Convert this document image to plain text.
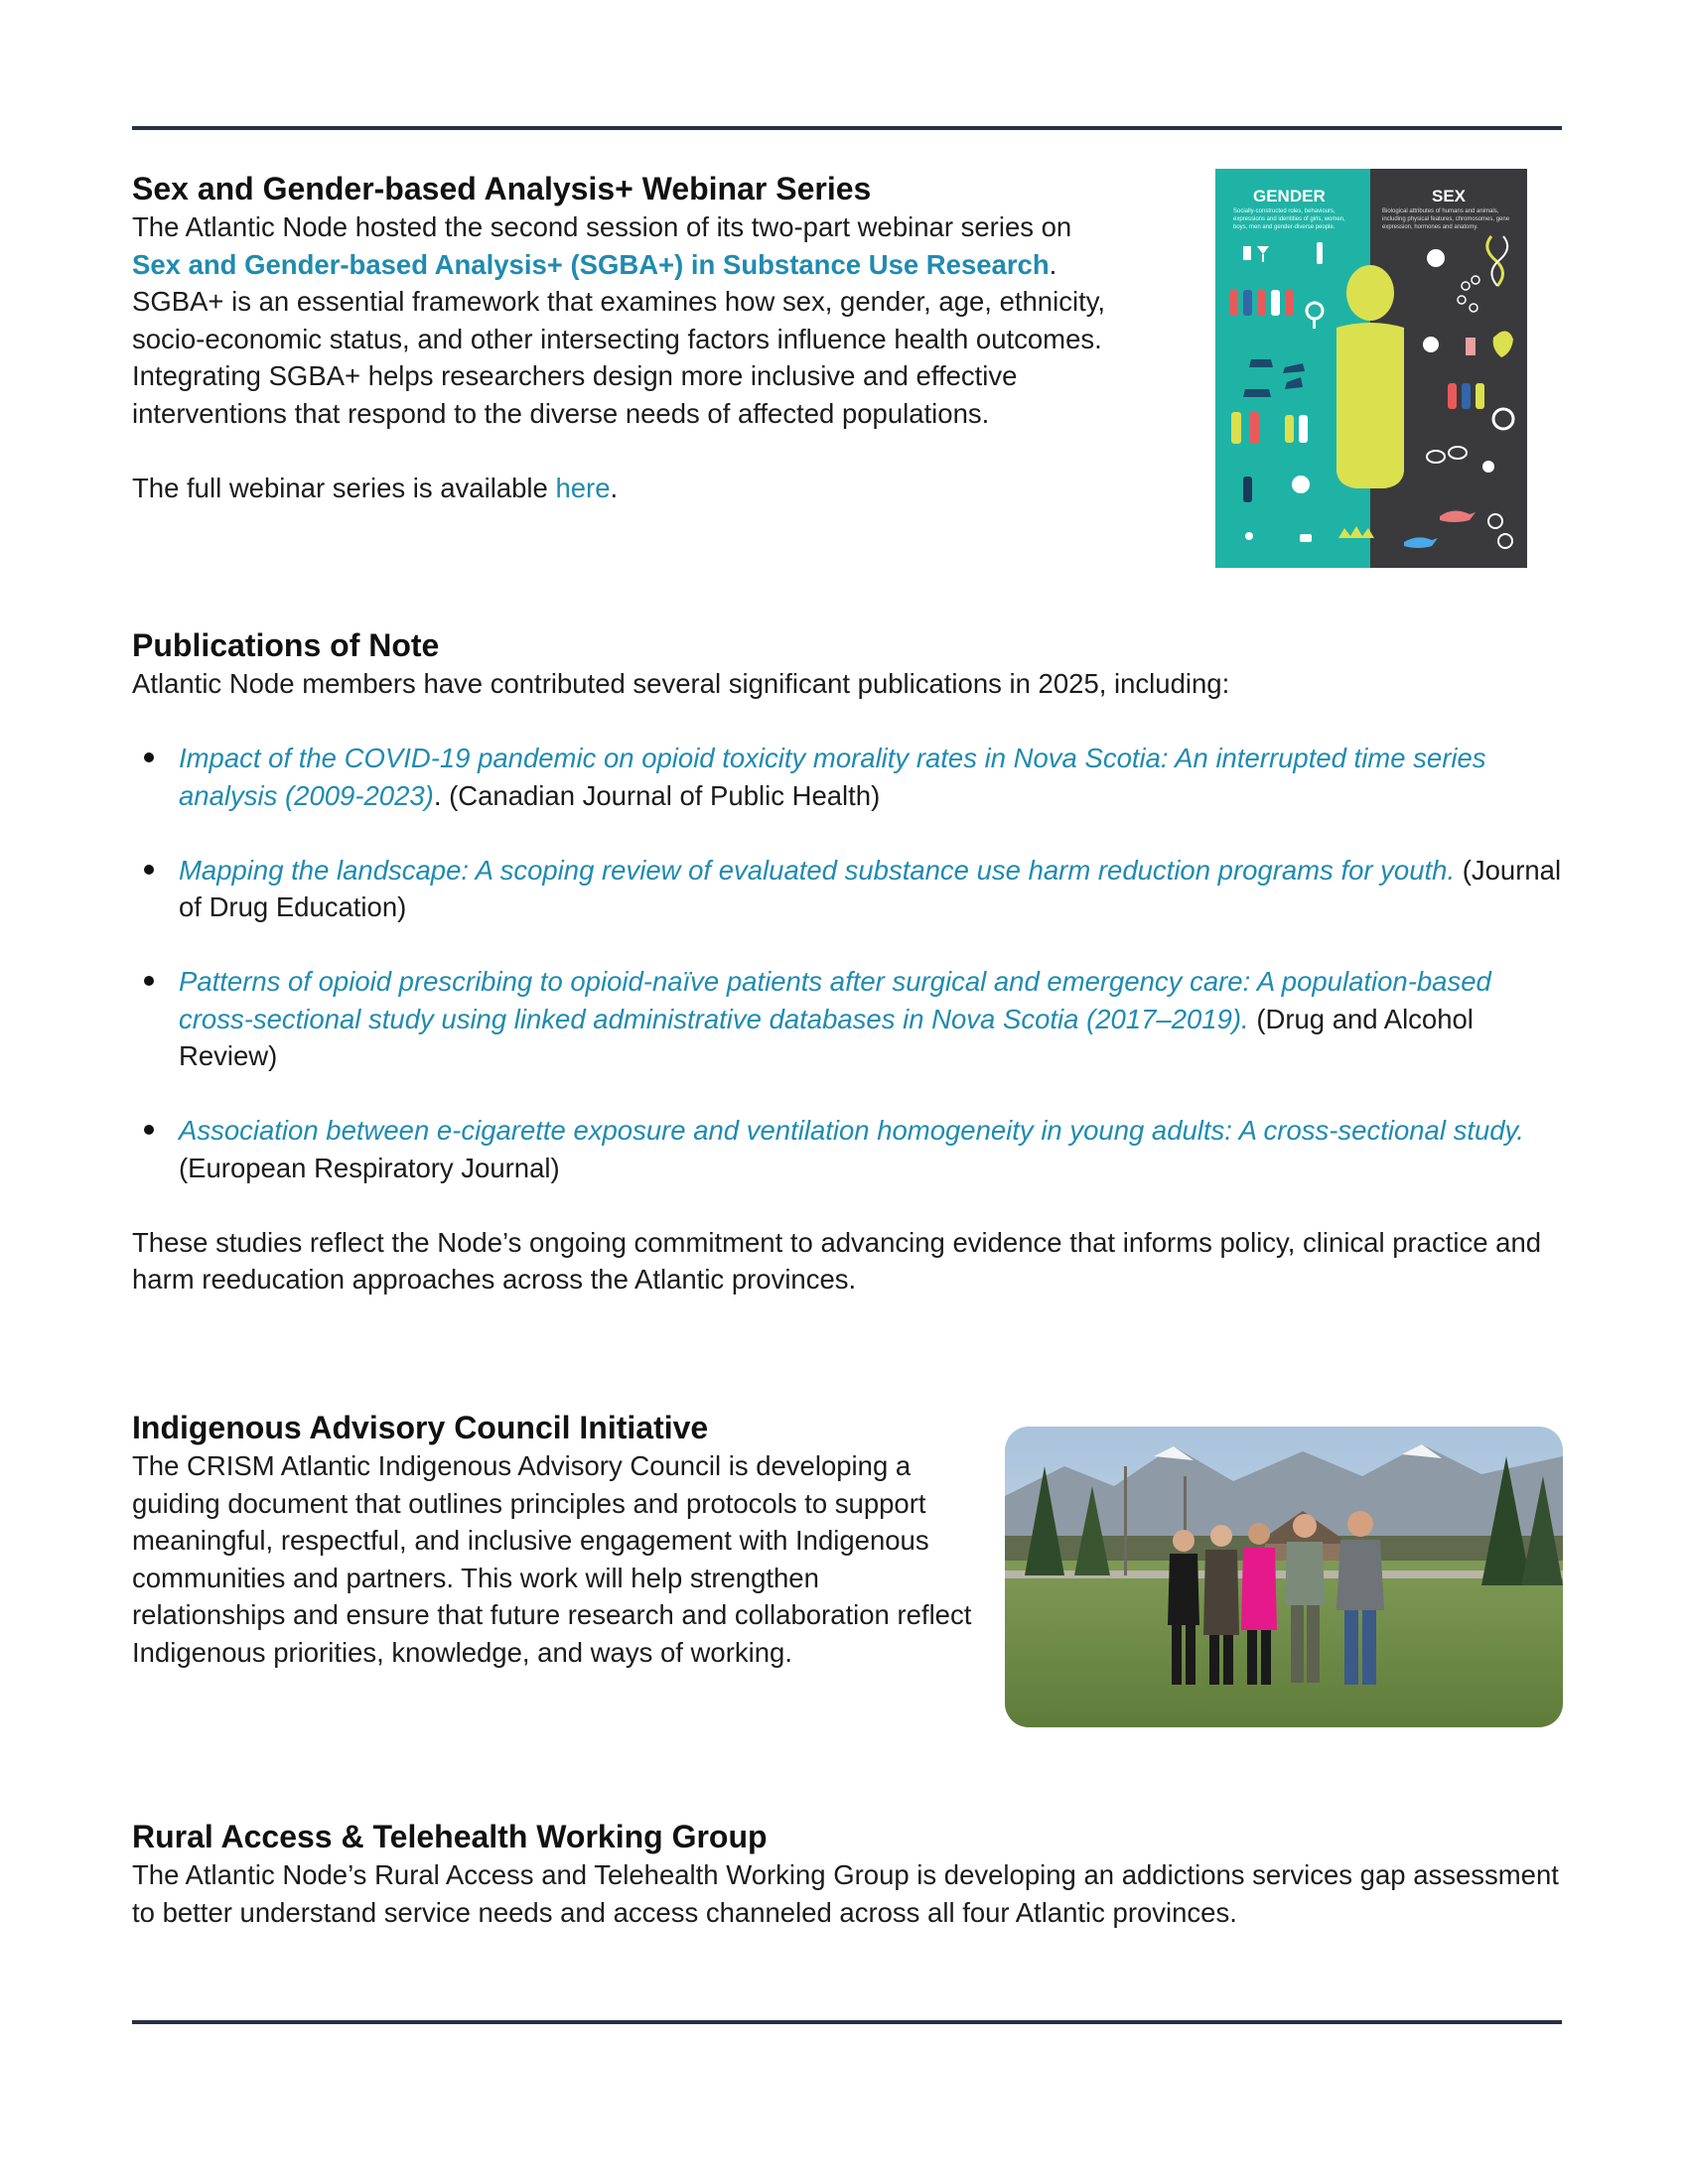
Sex and Gender-based Analysis+ Webinar Series

The Atlantic Node hosted the second session of its two-part webinar series on
Sex and Gender-based Analysis+ (SGBA+) in Substance Use Research.
SGBA+ is an essential framework that examines how sex, gender, age, ethnicity, socio-economic status, and other intersecting factors influence health outcomes. Integrating SGBA+ helps researchers design more inclusive and effective interventions that respond to the diverse needs of affected populations.

The full webinar series is available here.

GENDER	SEX
Socially-constructed roles, behaviours, expressions and identities of girls, women, boys, men and gender-diverse people.
Biological attributes of humans and animals, including physical features, chromosomes, gene expression, hormones and anatomy.
Publications of Note

Atlantic Node members have contributed several significant publications in 2025, including:

Impact of the COVID-19 pandemic on opioid toxicity morality rates in Nova Scotia: An interrupted time series analysis (2009-2023). (Canadian Journal of Public Health)
Mapping the landscape: A scoping review of evaluated substance use harm reduction programs for youth. (Journal of Drug Education)
Patterns of opioid prescribing to opioid-naïve patients after surgical and emergency care: A population-based cross-sectional study using linked administrative databases in Nova Scotia (2017–2019). (Drug and Alcohol Review)
Association between e-cigarette exposure and ventilation homogeneity in young adults: A cross-sectional study. (European Respiratory Journal)

These studies reflect the Node’s ongoing commitment to advancing evidence that informs policy, clinical practice and harm reeducation approaches across the Atlantic provinces.

Indigenous Advisory Council Initiative

The CRISM Atlantic Indigenous Advisory Council is developing a guiding document that outlines principles and protocols to support meaningful, respectful, and inclusive engagement with Indigenous communities and partners. This work will help strengthen relationships and ensure that future research and collaboration reflect Indigenous priorities, knowledge, and ways of working.

Rural Access & Telehealth Working Group

The Atlantic Node’s Rural Access and Telehealth Working Group is developing an addictions services gap assessment to better understand service needs and access channeled across all four Atlantic provinces.
